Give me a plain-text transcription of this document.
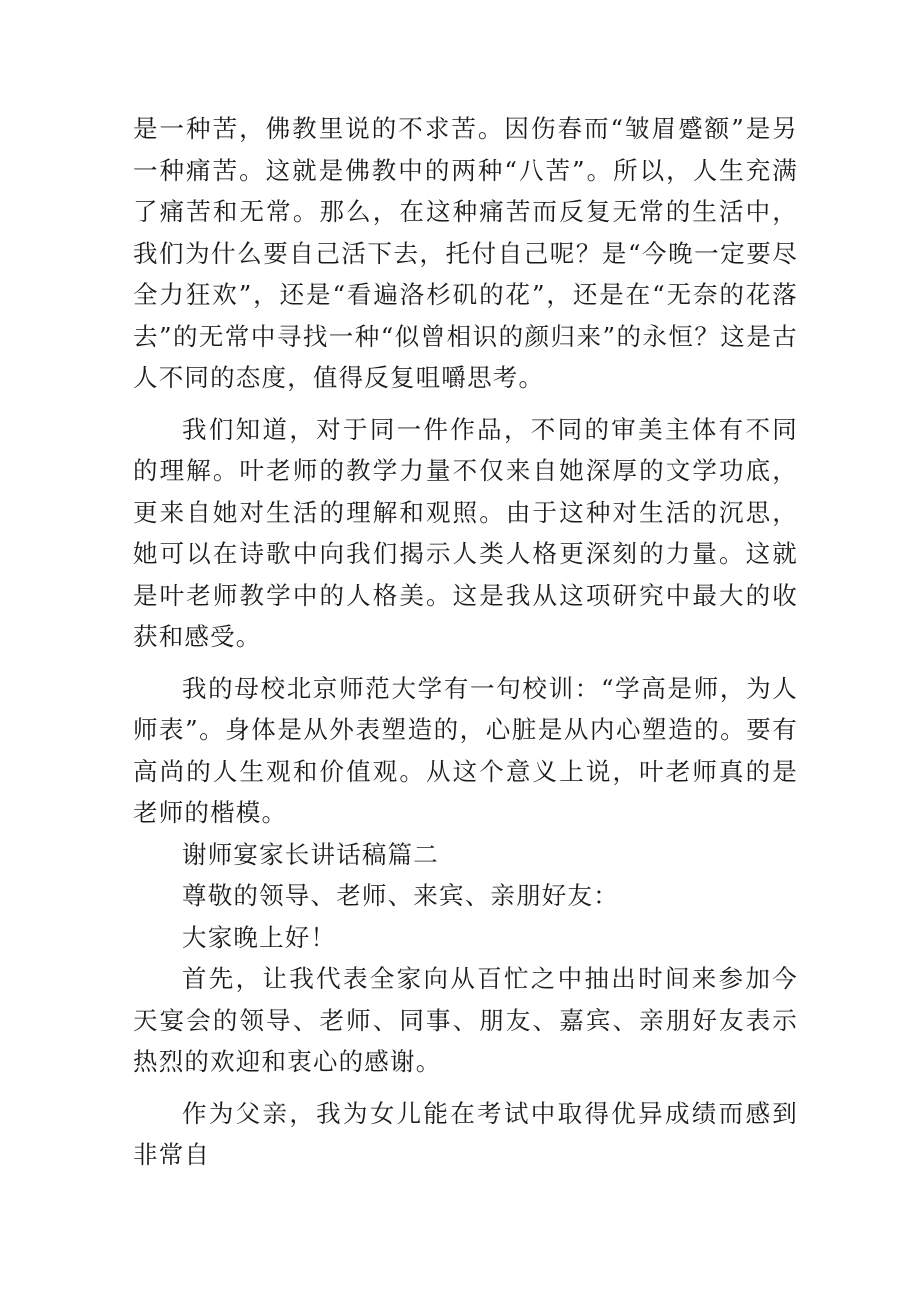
是一种苦，佛教里说的不求苦。因伤春而“皱眉蹙额”是另一种痛苦。这就是佛教中的两种“八苦”。所以，人生充满了痛苦和无常。那么，在这种痛苦而反复无常的生活中，我们为什么要自己活下去，托付自己呢？是“今晚一定要尽全力狂欢”，还是“看遍洛杉矶的花”，还是在“无奈的花落去”的无常中寻找一种“似曾相识的颜归来”的永恒？这是古人不同的态度，值得反复咀嚼思考。

我们知道，对于同一件作品，不同的审美主体有不同的理解。叶老师的教学力量不仅来自她深厚的文学功底，更来自她对生活的理解和观照。由于这种对生活的沉思，她可以在诗歌中向我们揭示人类人格更深刻的力量。这就是叶老师教学中的人格美。这是我从这项研究中最大的收获和感受。

我的母校北京师范大学有一句校训：“学高是师，为人师表”。身体是从外表塑造的，心脏是从内心塑造的。要有高尚的人生观和价值观。从这个意义上说，叶老师真的是老师的楷模。

谢师宴家长讲话稿篇二

尊敬的领导、老师、来宾、亲朋好友：

大家晚上好！

首先，让我代表全家向从百忙之中抽出时间来参加今天宴会的领导、老师、同事、朋友、嘉宾、亲朋好友表示热烈的欢迎和衷心的感谢。

作为父亲，我为女儿能在考试中取得优异成绩而感到非常自
